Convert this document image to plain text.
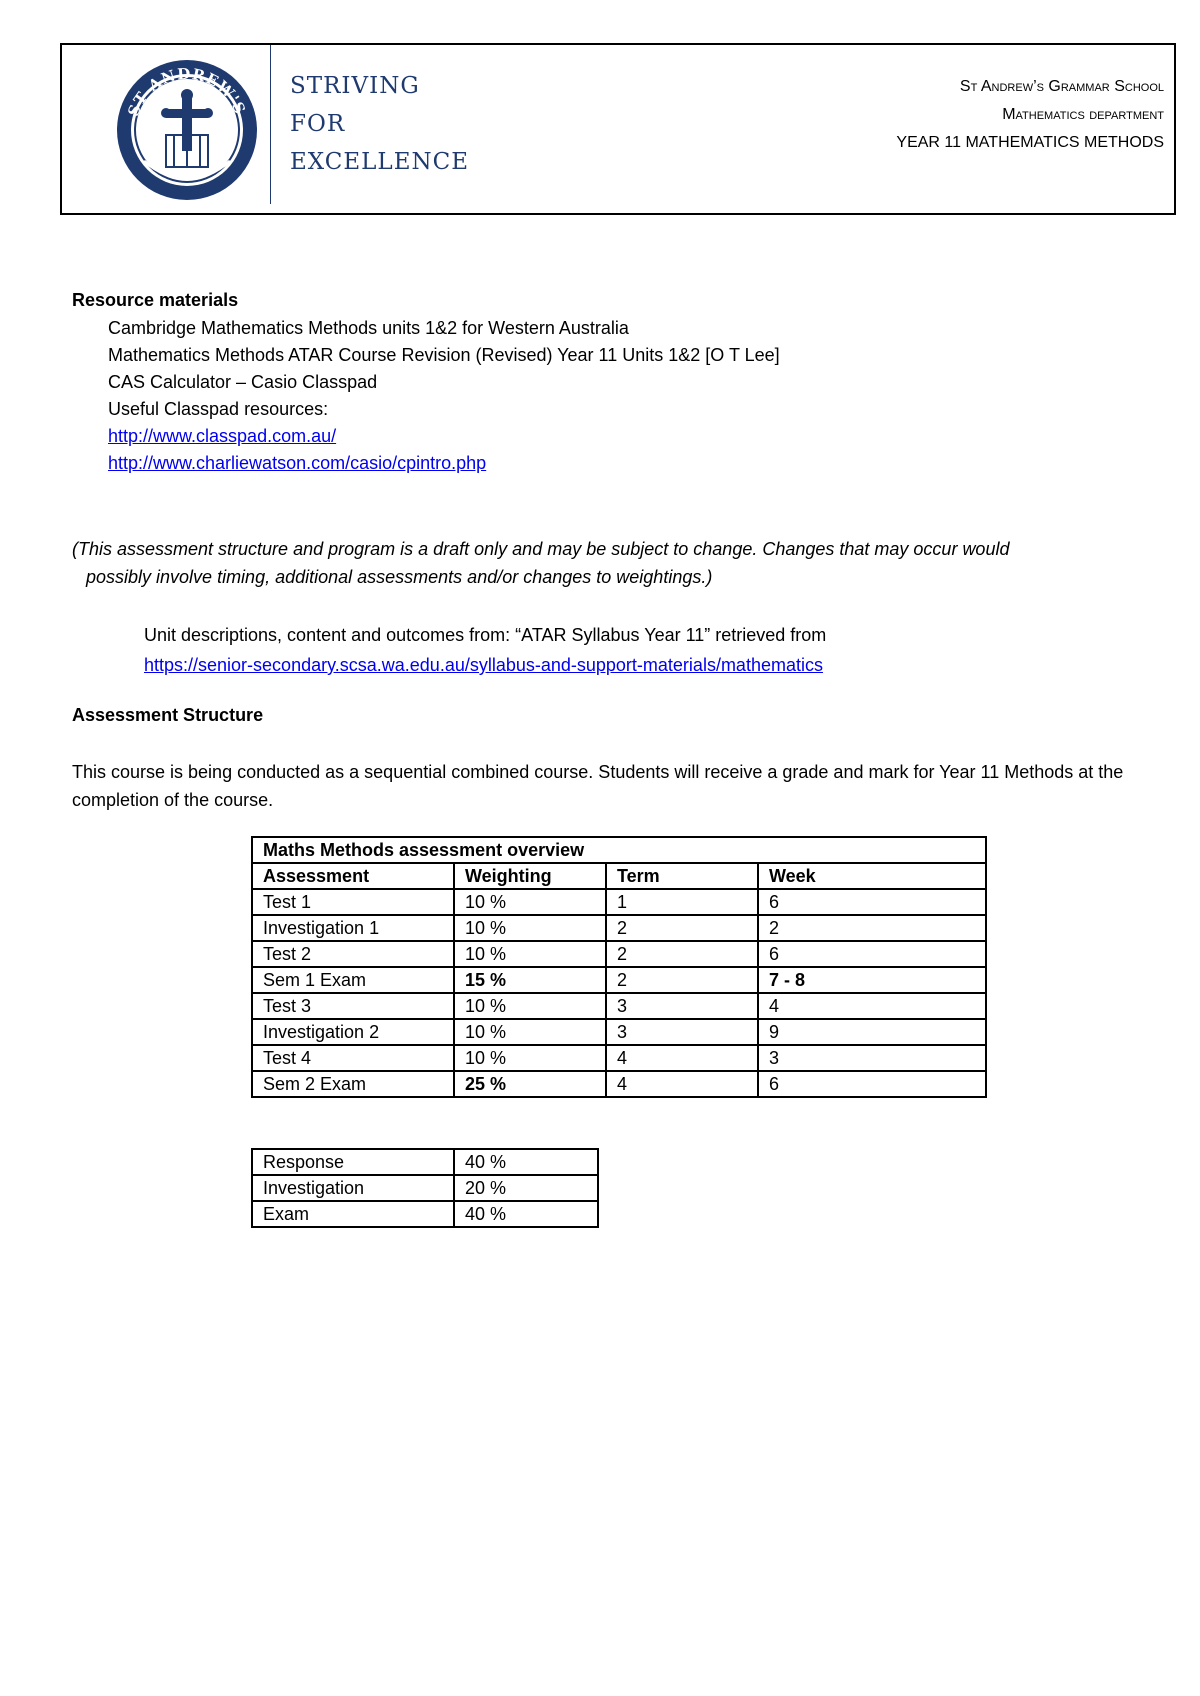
ST ANDREW'S
STRIVING
FOR
EXCELLENCE
St Andrew’s Grammar School
Mathematics department
YEAR 11 MATHEMATICS METHODS
Resource materials
Cambridge Mathematics Methods units 1&2 for Western Australia
Mathematics Methods ATAR Course Revision (Revised) Year 11 Units 1&2 [O T Lee]
CAS Calculator – Casio Classpad
Useful Classpad resources:
http://www.classpad.com.au/
http://www.charliewatson.com/casio/cpintro.php
(This assessment structure and program is a draft only and may be subject to change. Changes that may occur would
possibly involve timing, additional assessments and/or changes to weightings.)
Unit descriptions, content and outcomes from: “ATAR Syllabus Year 11” retrieved from
https://senior-secondary.scsa.wa.edu.au/syllabus-and-support-materials/mathematics
Assessment Structure
This course is being conducted as a sequential combined course. Students will receive a grade and mark for Year 11 Methods at the completion of the course.
Maths Methods assessment overview			
Assessment	Weighting	Term	Week
Test 1	10 %	1	6
Investigation 1	10 %	2	2
Test 2	10 %	2	6
Sem 1 Exam	15 %	2	7 - 8
Test 3	10 %	3	4
Investigation 2	10 %	3	9
Test 4	10 %	4	3
Sem 2 Exam	25 %	4	6
Response	40 %
Investigation	20 %
Exam	40 %
